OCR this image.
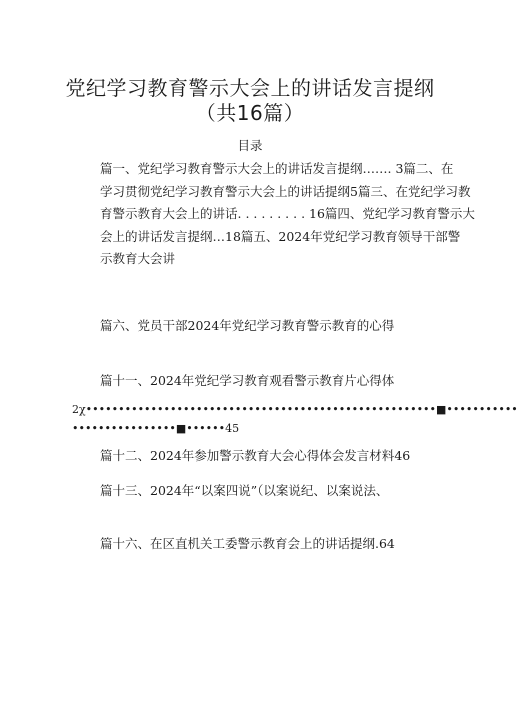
党纪学习教育警示大会上的讲话发言提纲
（共16篇）
目录
篇一、党纪学习教育警示大会上的讲话发言提纲……. 3篇二、在
学习贯彻党纪学习教育警示大会上的讲话提纲5篇三、在党纪学习教
育警示教育大会上的讲话. . . . . . . . . 16篇四、党纪学习教育警示大
会上的讲话发言提纲…18篇五、2024年党纪学习教育领导干部警
示教育大会讲
篇六、党员干部2024年党纪学习教育警示教育的心得
篇十一、2024年党纪学习教育观看警示教育片心得体
2χ••••••••••••••••••••••••••••••••••••••••••••••••••••••■•••••••••••
••••••••••••••••■••••••45
篇十二、2024年参加警示教育大会心得体会发言材料46
篇十三、2024年“以案四说”（以案说纪、以案说法、
篇十六、在区直机关工委警示教育会上的讲话提纲.64
